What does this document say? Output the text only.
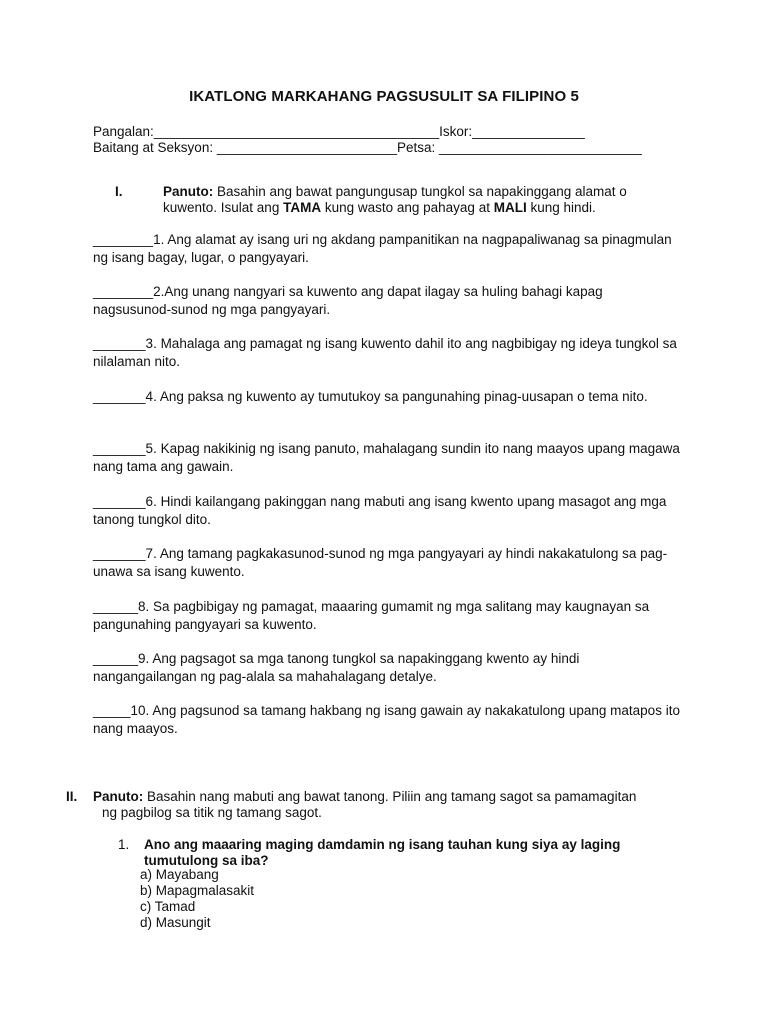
IKATLONG MARKAHANG PAGSUSULIT SA FILIPINO 5
Pangalan:______________________________________Iskor:_______________
Baitang at Seksyon: ________________________Petsa: ___________________________
I.	Panuto: Basahin ang bawat pangungusap tungkol sa napakinggang alamat o kuwento. Isulat ang TAMA kung wasto ang pahayag at MALI kung hindi.
________1. Ang alamat ay isang uri ng akdang pampanitikan na nagpapaliwanag sa pinagmulan ng isang bagay, lugar, o pangyayari.
________2.Ang unang nangyari sa kuwento ang dapat ilagay sa huling bahagi kapag nagsusunod-sunod ng mga pangyayari.
_______3. Mahalaga ang pamagat ng isang kuwento dahil ito ang nagbibigay ng ideya tungkol sa nilalaman nito.
_______4. Ang paksa ng kuwento ay tumutukoy sa pangunahing pinag-uusapan o tema nito.
_______5. Kapag nakikinig ng isang panuto, mahalagang sundin ito nang maayos upang magawa nang tama ang gawain.
_______6. Hindi kailangang pakinggan nang mabuti ang isang kwento upang masagot ang mga tanong tungkol dito.
_______7. Ang tamang pagkakasunod-sunod ng mga pangyayari ay hindi nakakatulong sa pag-unawa sa isang kuwento.
______8. Sa pagbibigay ng pamagat, maaaring gumamit ng mga salitang may kaugnayan sa pangunahing pangyayari sa kuwento.
______9. Ang pagsagot sa mga tanong tungkol sa napakinggang kwento ay hindi nangangailangan ng pag-alala sa mahahalagang detalye.
_____10. Ang pagsunod sa tamang hakbang ng isang gawain ay nakakatulong upang matapos ito nang maayos.
II. Panuto: Basahin nang mabuti ang bawat tanong. Piliin ang tamang sagot sa pamamagitan
ng pagbilog sa titik ng tamang sagot.
1. Ano ang maaaring maging damdamin ng isang tauhan kung siya ay laging tumutulong sa iba?
a) Mayabang
b) Mapagmalasakit
c) Tamad
d) Masungit
